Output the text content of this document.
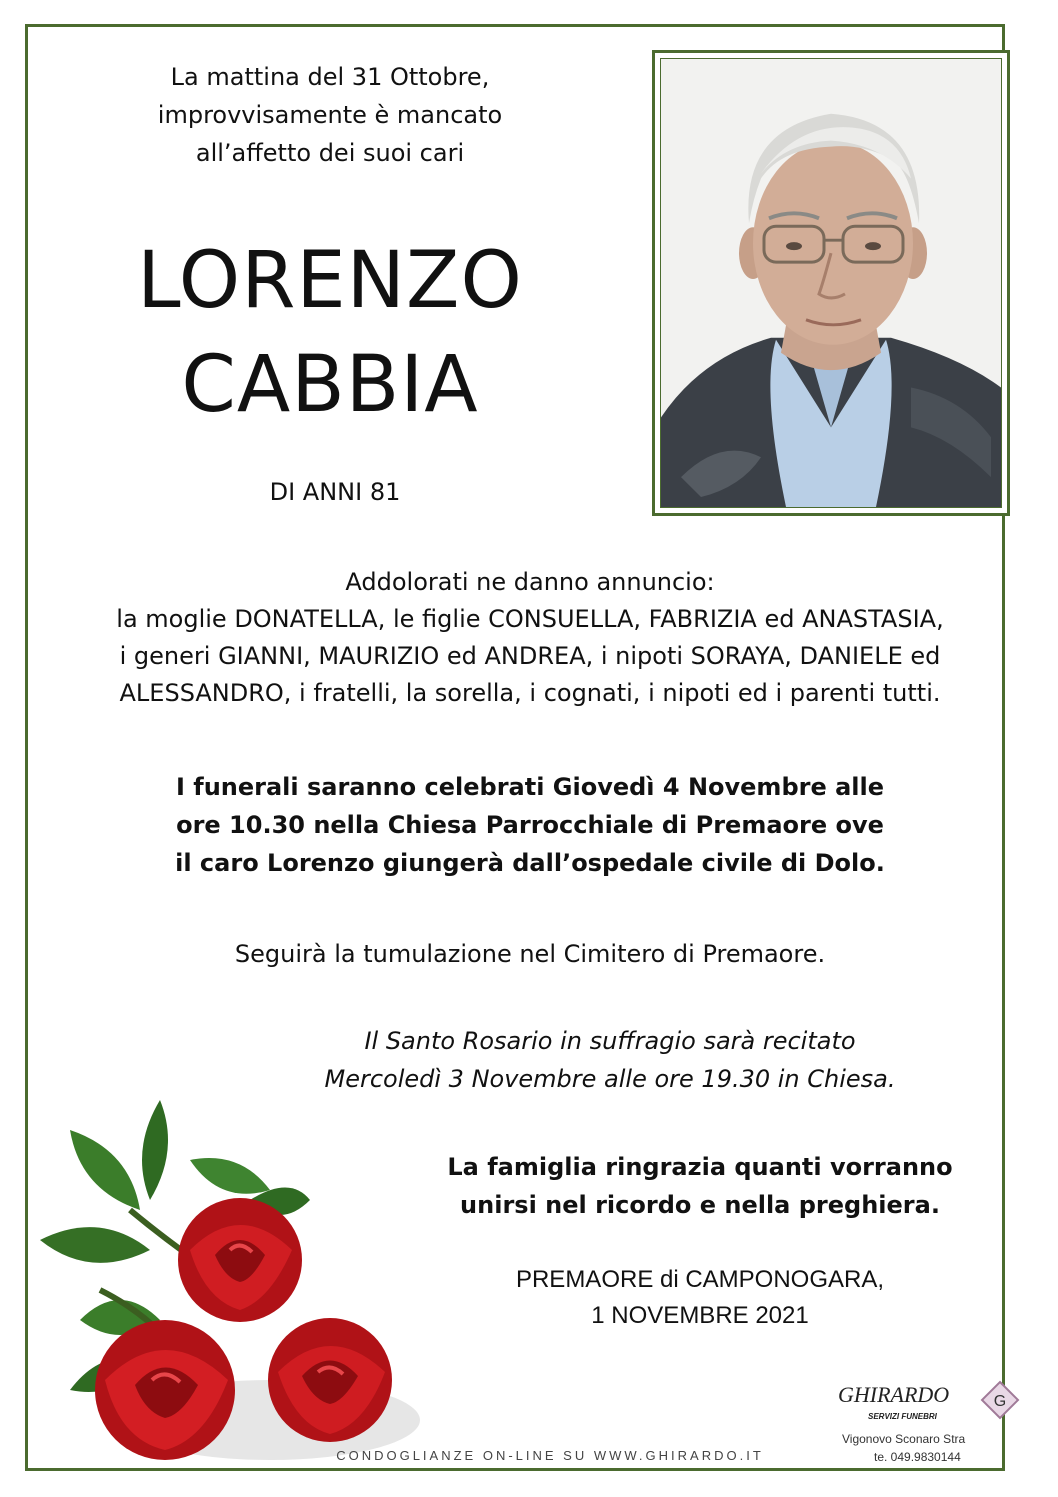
La mattina del 31 Ottobre,
improvvisamente è mancato
all’affetto dei suoi cari
LORENZO
CABBIA
DI ANNI 81
Addolorati ne danno annuncio:
la moglie DONATELLA, le figlie CONSUELLA, FABRIZIA ed ANASTASIA,
i generi GIANNI, MAURIZIO ed ANDREA, i nipoti SORAYA, DANIELE ed
ALESSANDRO, i fratelli, la sorella, i cognati, i nipoti ed i parenti tutti.
I funerali saranno celebrati Giovedì 4 Novembre alle
ore 10.30 nella Chiesa Parrocchiale di Premaore ove
il caro Lorenzo giungerà dall’ospedale civile di Dolo.
Seguirà la tumulazione nel Cimitero di Premaore.
Il Santo Rosario in suffragio sarà recitato
Mercoledì 3 Novembre alle ore 19.30 in Chiesa.
La famiglia ringrazia quanti vorranno
unirsi nel ricordo e nella preghiera.
PREMAORE di CAMPONOGARA,
1 NOVEMBRE 2021
CONDOGLIANZE ON-LINE SU WWW.GHIRARDO.IT
GHIRARDO
SERVIZI FUNEBRI
G
Vigonovo Sconaro Stra
te. 049.9830144
